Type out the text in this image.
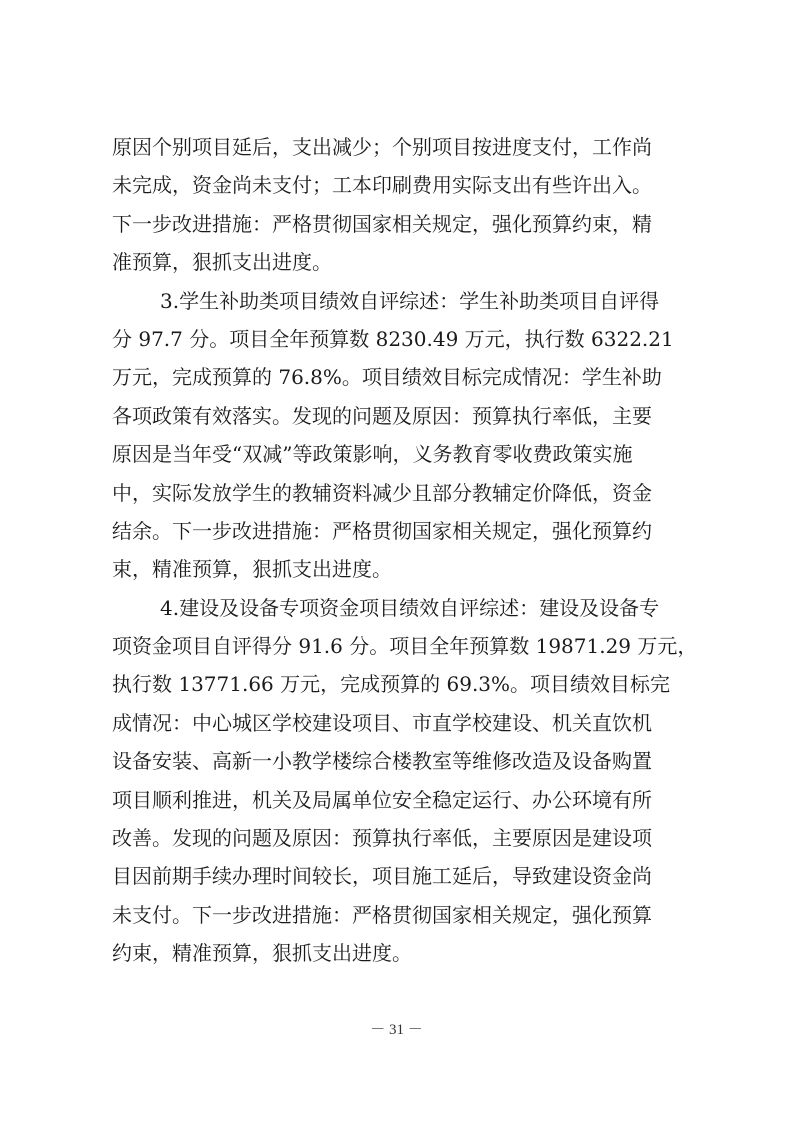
原因个别项目延后，支出减少；个别项目按进度支付，工作尚
未完成，资金尚未支付；工本印刷费用实际支出有些许出入。
下一步改进措施：严格贯彻国家相关规定，强化预算约束，精
准预算，狠抓支出进度。
3.学生补助类项目绩效自评综述：学生补助类项目自评得
分 97.7 分。项目全年预算数 8230.49 万元，执行数 6322.21
万元，完成预算的 76.8%。项目绩效目标完成情况：学生补助
各项政策有效落实。发现的问题及原因：预算执行率低，主要
原因是当年受“双减”等政策影响，义务教育零收费政策实施
中，实际发放学生的教辅资料减少且部分教辅定价降低，资金
结余。下一步改进措施：严格贯彻国家相关规定，强化预算约
束，精准预算，狠抓支出进度。
4.建设及设备专项资金项目绩效自评综述：建设及设备专
项资金项目自评得分 91.6 分。项目全年预算数 19871.29 万元，
执行数 13771.66 万元，完成预算的 69.3%。项目绩效目标完
成情况：中心城区学校建设项目、市直学校建设、机关直饮机
设备安装、高新一小教学楼综合楼教室等维修改造及设备购置
项目顺利推进，机关及局属单位安全稳定运行、办公环境有所
改善。发现的问题及原因：预算执行率低，主要原因是建设项
目因前期手续办理时间较长，项目施工延后，导致建设资金尚
未支付。下一步改进措施：严格贯彻国家相关规定，强化预算
约束，精准预算，狠抓支出进度。
－ 31 －
